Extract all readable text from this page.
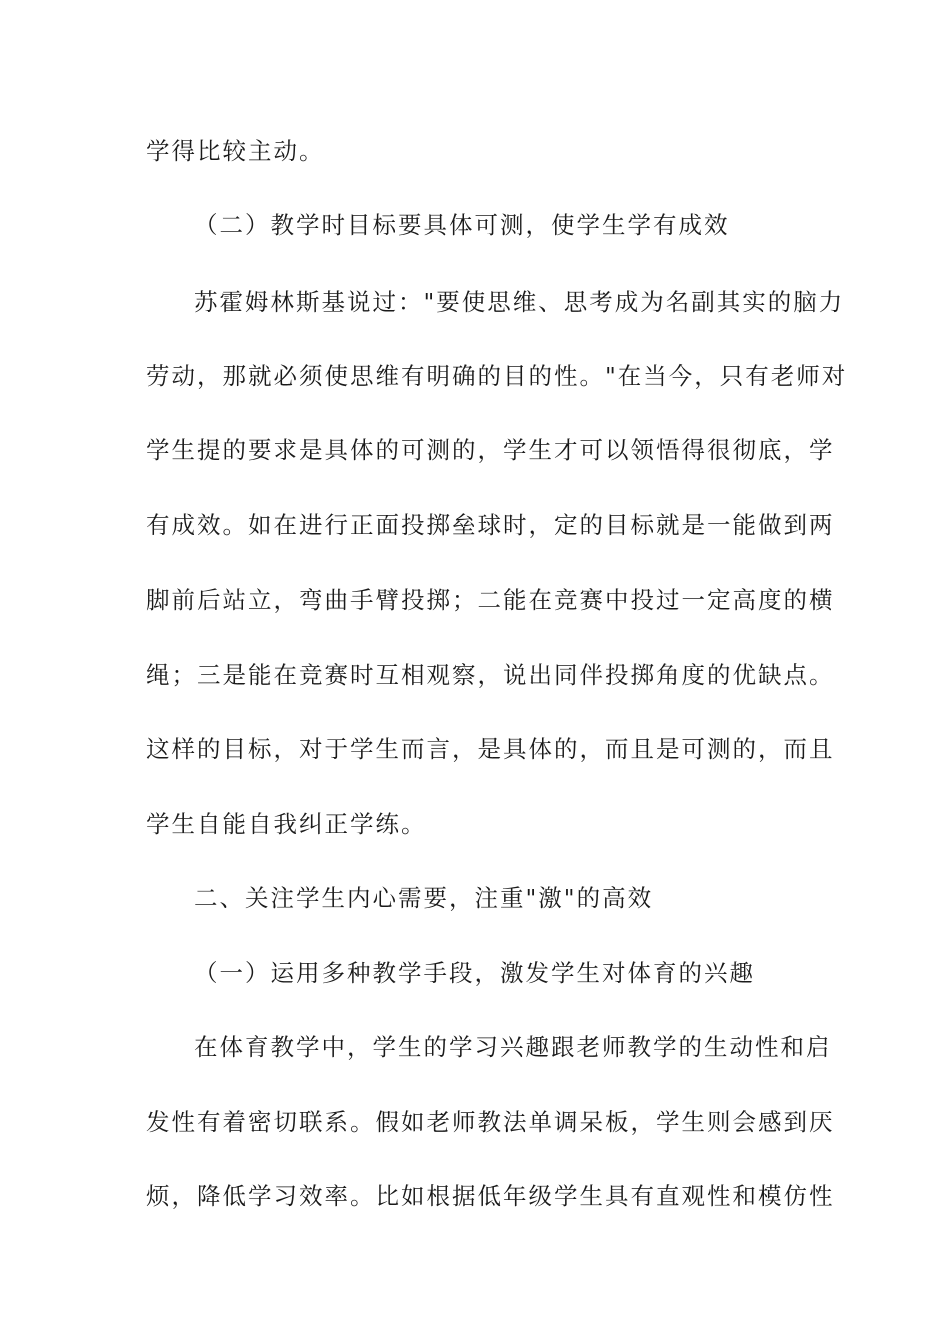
学得比较主动。
（二）教学时目标要具体可测，使学生学有成效
苏霍姆林斯基说过："要使思维、思考成为名副其实的脑力
劳动，那就必须使思维有明确的目的性。"在当今，只有老师对
学生提的要求是具体的可测的，学生才可以领悟得很彻底，学
有成效。如在进行正面投掷垒球时，定的目标就是一能做到两
脚前后站立，弯曲手臂投掷；二能在竞赛中投过一定高度的横
绳；三是能在竞赛时互相观察，说出同伴投掷角度的优缺点。
这样的目标，对于学生而言，是具体的，而且是可测的，而且
学生自能自我纠正学练。
二、关注学生内心需要，注重"激"的高效
（一）运用多种教学手段，激发学生对体育的兴趣
在体育教学中，学生的学习兴趣跟老师教学的生动性和启
发性有着密切联系。假如老师教法单调呆板，学生则会感到厌
烦，降低学习效率。比如根据低年级学生具有直观性和模仿性
